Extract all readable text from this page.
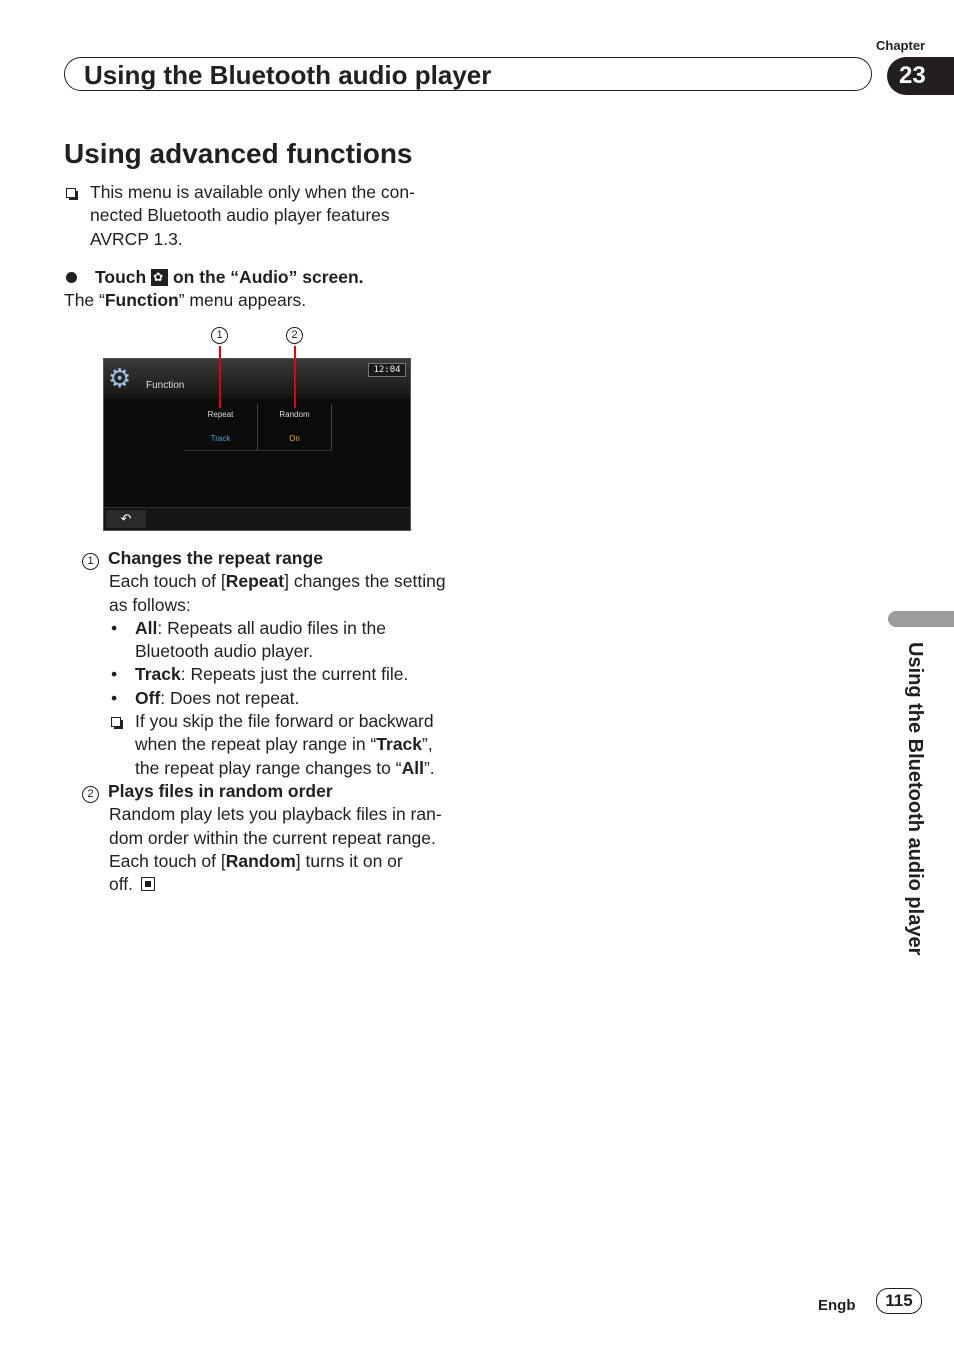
Using the Bluetooth audio player
Chapter
23
Using the Bluetooth audio player
Using advanced functions
This menu is available only when the con-
nected Bluetooth audio player features
AVRCP 1.3.
Touch ✿ on the “Audio” screen.
The “Function” menu appears.
1	2
⚙	Function
12:04
Repeat
Track
Random
On
↶
1 Changes the repeat range
Each touch of [Repeat] changes the setting
as follows:
• All: Repeats all audio files in the
Bluetooth audio player.
• Track: Repeats just the current file.
• Off: Does not repeat.
If you skip the file forward or backward
when the repeat play range in “Track”,
the repeat play range changes to “All”.
2 Plays files in random order
Random play lets you playback files in ran-
dom order within the current repeat range.
Each touch of [Random] turns it on or
off.
Engb	115
